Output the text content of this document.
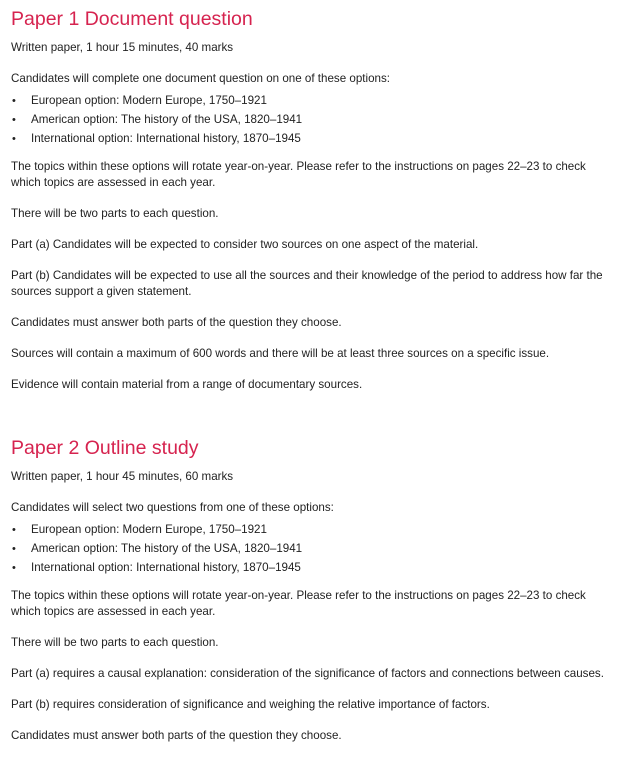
Paper 1 Document question

Written paper, 1 hour 15 minutes, 40 marks

Candidates will complete one document question on one of these options:

• European option: Modern Europe, 1750–1921
• American option: The history of the USA, 1820–1941
• International option: International history, 1870–1945

The topics within these options will rotate year-on-year. Please refer to the instructions on pages 22–23 to check which topics are assessed in each year.

There will be two parts to each question.

Part (a) Candidates will be expected to consider two sources on one aspect of the material.

Part (b) Candidates will be expected to use all the sources and their knowledge of the period to address how far the sources support a given statement.

Candidates must answer both parts of the question they choose.

Sources will contain a maximum of 600 words and there will be at least three sources on a specific issue.

Evidence will contain material from a range of documentary sources.

Paper 2 Outline study

Written paper, 1 hour 45 minutes, 60 marks

Candidates will select two questions from one of these options:

• European option: Modern Europe, 1750–1921
• American option: The history of the USA, 1820–1941
• International option: International history, 1870–1945

The topics within these options will rotate year-on-year. Please refer to the instructions on pages 22–23 to check which topics are assessed in each year.

There will be two parts to each question.

Part (a) requires a causal explanation: consideration of the significance of factors and connections between causes.

Part (b) requires consideration of significance and weighing the relative importance of factors.

Candidates must answer both parts of the question they choose.
